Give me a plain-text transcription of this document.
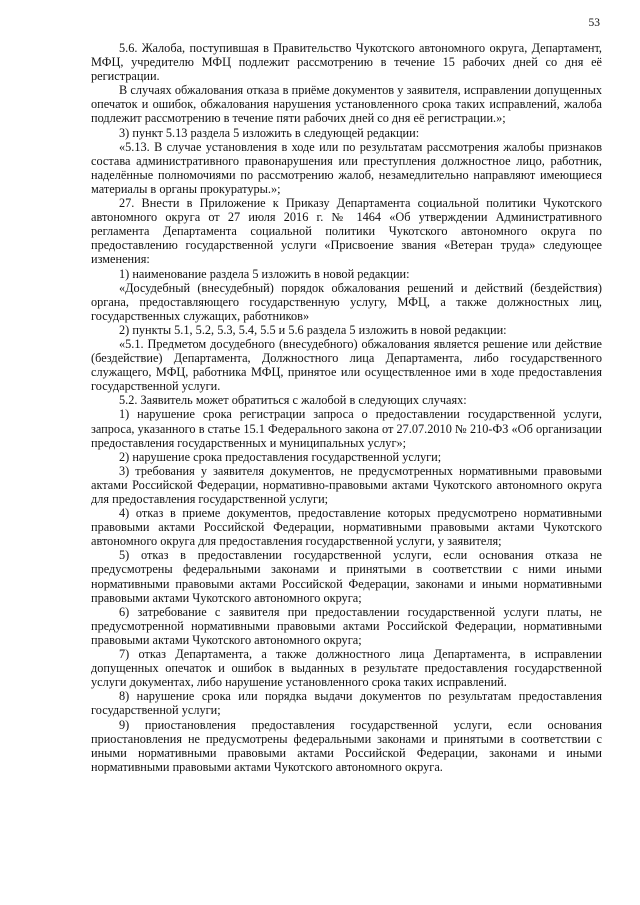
53

5.6. Жалоба, поступившая в Правительство Чукотского автономного округа, Департамент, МФЦ, учредителю МФЦ подлежит рассмотрению в течение 15 рабочих дней со дня её регистрации.

В случаях обжалования отказа в приёме документов у заявителя, исправлении допущенных опечаток и ошибок, обжалования нарушения установленного срока таких исправлений, жалоба подлежит рассмотрению в течение пяти рабочих дней со дня её регистрации.»;

3) пункт 5.13 раздела 5 изложить в следующей редакции:

«5.13. В случае установления в ходе или по результатам рассмотрения жалобы признаков состава административного правонарушения или преступления должностное лицо, работник, наделённые полномочиями по рассмотрению жалоб, незамедлительно направляют имеющиеся материалы в органы прокуратуры.»;

27. Внести в Приложение к Приказу Департамента социальной политики Чукотского автономного округа от 27 июля 2016 г. № 1464 «Об утверждении Административного регламента Департамента социальной политики Чукотского автономного округа по предоставлению государственной услуги «Присвоение звания «Ветеран труда» следующее изменения:

1) наименование раздела 5 изложить в новой редакции:

«Досудебный (внесудебный) порядок обжалования решений и действий (бездействия) органа, предоставляющего государственную услугу, МФЦ, а также должностных лиц, государственных служащих, работников»

2) пункты 5.1, 5.2, 5.3, 5.4, 5.5 и 5.6 раздела 5 изложить в новой редакции:

«5.1. Предметом досудебного (внесудебного) обжалования является решение или действие (бездействие) Департамента, Должностного лица Департамента, либо государственного служащего, МФЦ, работника МФЦ, принятое или осуществленное ими в ходе предоставления государственной услуги.

5.2. Заявитель может обратиться с жалобой в следующих случаях:

1) нарушение срока регистрации запроса о предоставлении государственной услуги, запроса, указанного в статье 15.1 Федерального закона от 27.07.2010 № 210-ФЗ «Об организации предоставления государственных и муниципальных услуг»;

2) нарушение срока предоставления государственной услуги;

3) требования у заявителя документов, не предусмотренных нормативными правовыми актами Российской Федерации, нормативно-правовыми актами Чукотского автономного округа для предоставления государственной услуги;

4) отказ в приеме документов, предоставление которых предусмотрено нормативными правовыми актами Российской Федерации, нормативными правовыми актами Чукотского автономного округа для предоставления государственной услуги, у заявителя;

5) отказ в предоставлении государственной услуги, если основания отказа не предусмотрены федеральными законами и принятыми в соответствии с ними иными нормативными правовыми актами Российской Федерации, законами и иными нормативными правовыми актами Чукотского автономного округа;

6) затребование с заявителя при предоставлении государственной услуги платы, не предусмотренной нормативными правовыми актами Российской Федерации, нормативными правовыми актами Чукотского автономного округа;

7) отказ Департамента, а также должностного лица Департамента, в исправлении допущенных опечаток и ошибок в выданных в результате предоставления государственной услуги документах, либо нарушение установленного срока таких исправлений.

8) нарушение срока или порядка выдачи документов по результатам предоставления государственной услуги;

9) приостановления предоставления государственной услуги, если основания приостановления не предусмотрены федеральными законами и принятыми в соответствии с иными нормативными правовыми актами Российской Федерации, законами и иными нормативными правовыми актами Чукотского автономного округа.
